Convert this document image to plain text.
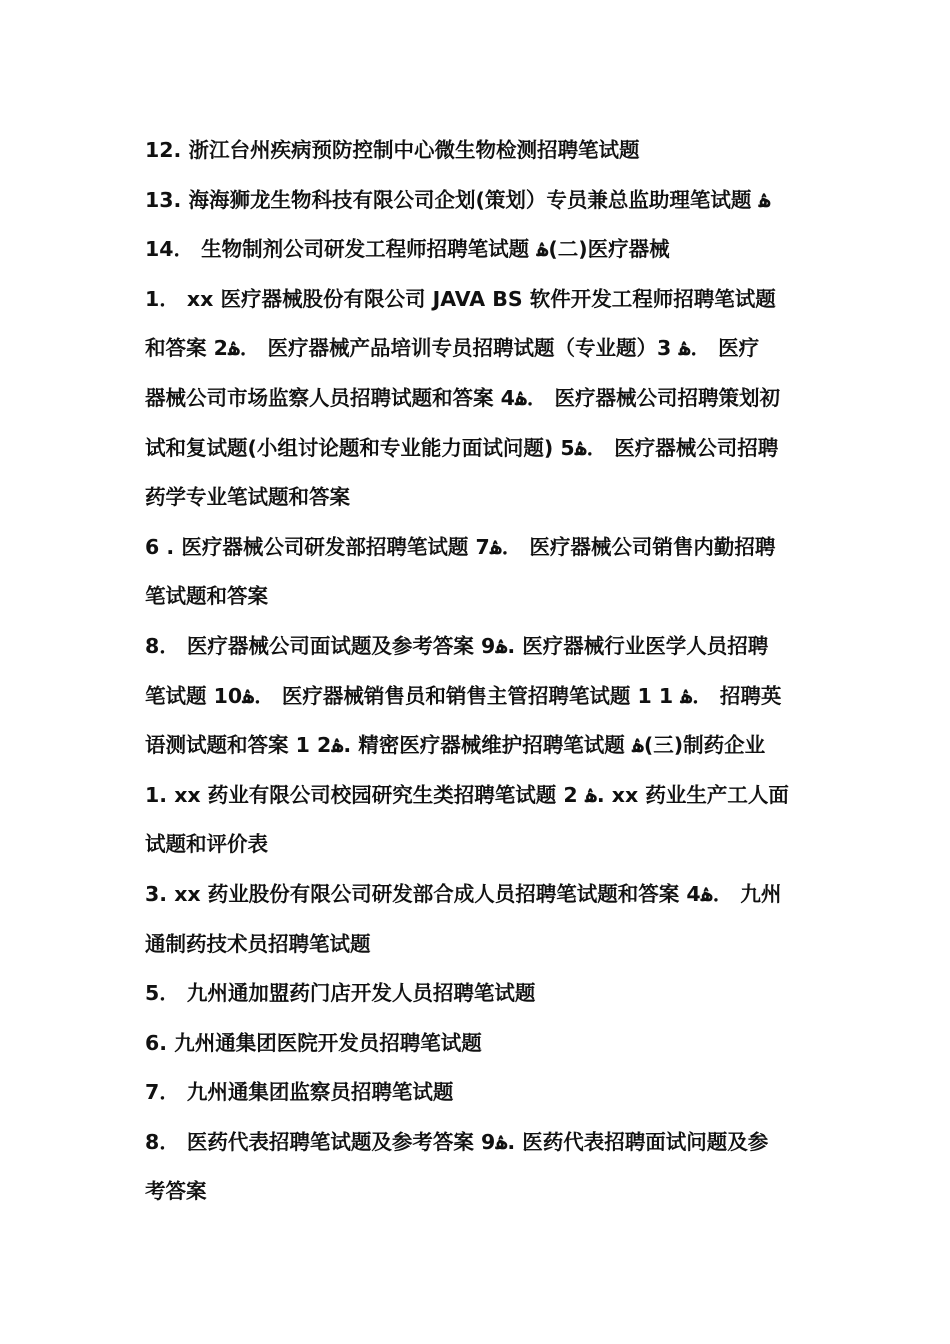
12. 浙江台州疾病预防控制中心微生物检测招聘笔试题
13. 海海狮龙生物科技有限公司企划(策划）专员兼总监助理笔试题 ۿ
14． 生物制剂公司研发工程师招聘笔试题 ۿ(二)医疗器械
1． xx 医疗器械股份有限公司 JAVA BS 软件开发工程师招聘笔试题
和答案 2ۿ． 医疗器械产品培训专员招聘试题（专业题）3 ۿ． 医疗
器械公司市场监察人员招聘试题和答案 4ۿ． 医疗器械公司招聘策划初
试和复试题(小组讨论题和专业能力面试问题) 5ۿ． 医疗器械公司招聘
药学专业笔试题和答案
6 . 医疗器械公司研发部招聘笔试题 7ۿ． 医疗器械公司销售内勤招聘
笔试题和答案
8． 医疗器械公司面试题及参考答案 9ۿ. 医疗器械行业医学人员招聘
笔试题 10ۿ． 医疗器械销售员和销售主管招聘笔试题 1 1 ۿ． 招聘英
语测试题和答案 1 2ۿ. 精密医疗器械维护招聘笔试题 ۿ(三)制药企业
1. xx 药业有限公司校园研究生类招聘笔试题 2 ۿ. xx 药业生产工人面
试题和评价表
3. xx 药业股份有限公司研发部合成人员招聘笔试题和答案 4ۿ． 九州
通制药技术员招聘笔试题
5． 九州通加盟药门店开发人员招聘笔试题
6. 九州通集团医院开发员招聘笔试题
7． 九州通集团监察员招聘笔试题
8． 医药代表招聘笔试题及参考答案 9ۿ. 医药代表招聘面试问题及参
考答案
